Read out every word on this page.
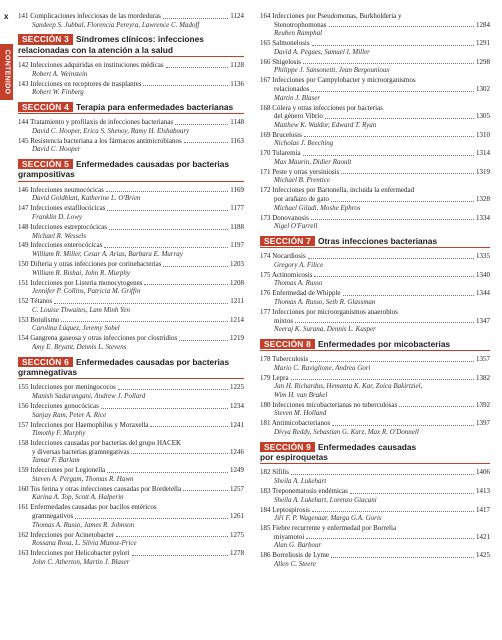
x
CONTENIDO
141 Complicaciones infecciosas de las mordeduras	1124
Sandeep S. Jubbal, Florencia Pereyra, Lawrence C. Madoff
SECCIÓN 3 Síndromes clínicos: infecciones
relacionadas con la atención a la salud
142 Infecciones adquiridas en instituciones médicas	1128
Robert A. Weinstein
143 Infecciones en receptores de trasplantes	1136
Robert W. Finberg
SECCIÓN 4 Terapia para enfermedades bacterianas
144 Tratamiento y profilaxis de infecciones bacterianas	1148
David C. Hooper, Erica S. Shenoy, Ramy H. Elshaboury
145 Resistencia bacteriana a los fármacos antimicrobianos	1163
David C. Hooper
SECCIÓN 5 Enfermedades causadas por bacterias
grampositivas
146 Infecciones neumocócicas	1169
David Goldblatt, Katherine L. O'Brien
147 Infecciones estafilocócicas	1177
Franklin D. Lowy
148 Infecciones estreptocócicas	1188
Michael R. Wessels
149 Infecciones enterocócicas	1197
William R. Miller, Cesar A. Arias, Barbara E. Murray
150 Difteria y otras infecciones por corinebacterias	1203
William R. Bishai, John R. Murphy
151 Infecciones por Listeria monocytogenes	1208
Jennifer P. Collins, Patricia M. Griffin
152 Tétanos	1211
C. Louise Thwaites, Lam Minh Yen
153 Botulismo	1214
Carolina Lúquez, Jeremy Sobel
154 Gangrena gaseosa y otras infecciones por clostridios	1219
Amy E. Bryant, Dennis L. Stevens
SECCIÓN 6 Enfermedades causadas por bacterias
gramnegativas
155 Infecciones por meningococos	1225
Manish Sadarangani, Andrew J. Pollard
156 Infecciones gonocócicas	1234
Sanjay Ram, Peter A. Rice
157 Infecciones por Haemophilus y Moraxella	1241
Timothy F. Murphy
158 Infecciones causadas por bacterias del grupo HACEK
y diversas bacterias gramnegativas	1246
Tamar F. Barlam
159 Infecciones por Legionella	1249
Steven A. Pergam, Thomas R. Hawn
160 Tos ferina y otras infecciones causadas por Bordetella	1257
Karina A. Top, Scott A. Halperin
161 Enfermedades causadas por bacilos entéricos
gramnegativos	1261
Thomas A. Russo, James R. Johnson
162 Infecciones por Acinetobacter	1275
Rossana Rosa, L. Silvia Munoz-Price
163 Infecciones por Helicobacter pylori	1278
John C. Atherton, Martin J. Blaser
164 Infecciones por Pseudomonas, Burkholderia y
Stenotrophomonas	1284
Reuben Ramphal
165 Salmonelosis	1291
David A. Pegues, Samuel I. Miller
166 Shigelosis	1298
Philippe J. Sansonetti, Jean Bergounioux
167 Infecciones por Campylobacter y microorganismos
relacionados	1302
Martin J. Blaser
168 Cólera y otras infecciones por bacterias
del género Vibrio	1305
Matthew K. Waldor, Edward T. Ryan
169 Brucelosis	1310
Nicholas J. Beeching
170 Tularemia	1314
Max Maurin, Didier Raoult
171 Peste y otras yersiniosis	1319
Michael B. Prentice
172 Infecciones por Bartonella, incluida la enfermedad
por arañazo de gato	1328
Michael Giladi, Moshe Ephros
173 Donovanosis	1334
Nigel O'Farrell
SECCIÓN 7 Otras infecciones bacterianas
174 Nocardiosis	1335
Gregory A. Filice
175 Actinomicosis	1340
Thomas A. Russo
176 Enfermedad de Whipple	1344
Thomas A. Russo, Seth R. Glassman
177 Infecciones por microorganismos anaerobios
mixtos	1347
Neeraj K. Surana, Dennis L. Kasper
SECCIÓN 8 Enfermedades por micobacterias
178 Tuberculosis	1357
Mario C. Raviglione, Andrea Gori
179 Lepra	1382
Jan H. Richardus, Hemanta K. Kar, Zoica Bakirtziel,
Wim H. van Brakel
180 Infecciones micobacterianas no tuberculosas	1392
Steven M. Holland
181 Antimicobacterianos	1397
Divya Reddy, Sebastian G. Kurz, Max R. O'Donnell
SECCIÓN 9 Enfermedades causadas
por espiroquetas
182 Sífilis	1406
Sheila A. Lukehart
183 Treponematosis endémicas	1413
Sheila A. Lukehart, Lorenzo Giacani
184 Leptospirosis	1417
Jiři F. P. Wagenaar, Marga G.A. Goris
185 Fiebre recurrente y enfermedad por Borrelia
miyamotoi	1421
Alan G. Barbour
186 Borreliosis de Lyme	1425
Allen C. Steere
